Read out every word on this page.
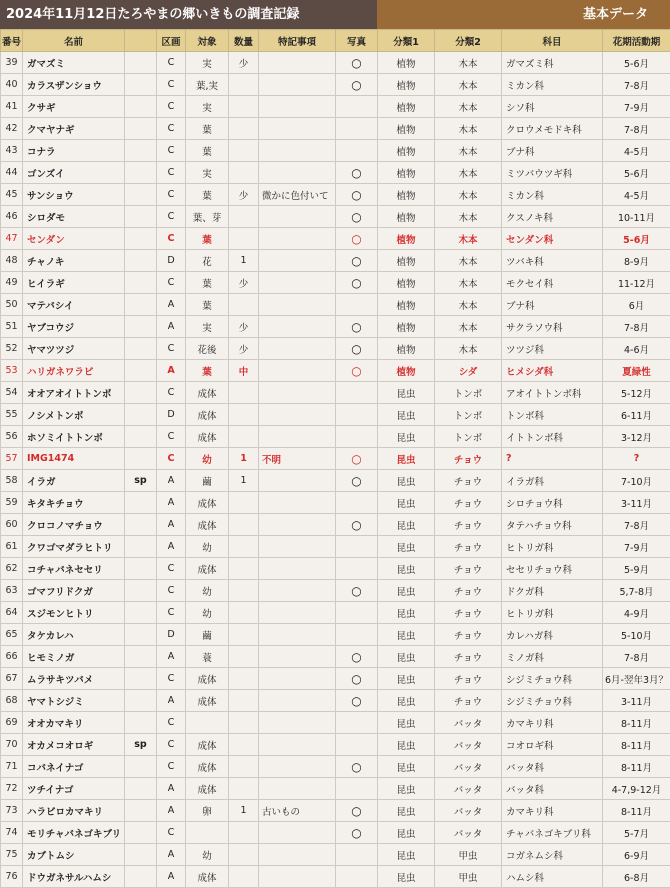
2024年11月12日たろやまの郷いきもの調査記録	基本データ
番号	名前		区画	対象	数量	特記事項	写真	分類1	分類2	科目	花期活動期
39	ガマズミ		C	実	少		○	植物	木本	ガマズミ科	5-6月
40	カラスザンショウ		C	葉,実			○	植物	木本	ミカン科	7-8月
41	クサギ		C	実				植物	木本	シソ科	7-9月
42	クマヤナギ		C	葉				植物	木本	クロウメモドキ科	7-8月
43	コナラ		C	葉				植物	木本	ブナ科	4-5月
44	ゴンズイ		C	実			○	植物	木本	ミツバウツギ科	5-6月
45	サンショウ		C	葉	少	微かに色付いて	○	植物	木本	ミカン科	4-5月
46	シロダモ		C	葉、芽			○	植物	木本	クスノキ科	10-11月
47	センダン		C	葉			○	植物	木本	センダン科	5-6月
48	チャノキ		D	花	1		○	植物	木本	ツバキ科	8-9月
49	ヒイラギ		C	葉	少		○	植物	木本	モクセイ科	11-12月
50	マテバシイ		A	葉				植物	木本	ブナ科	6月
51	ヤブコウジ		A	実	少		○	植物	木本	サクラソウ科	7-8月
52	ヤマツツジ		C	花後	少		○	植物	木本	ツツジ科	4-6月
53	ハリガネワラビ		A	葉	中		○	植物	シダ	ヒメシダ科	夏緑性
54	オオアオイトトンボ		C	成体				昆虫	トンボ	アオイトトンボ科	5-12月
55	ノシメトンボ		D	成体				昆虫	トンボ	トンボ科	6-11月
56	ホソミイトトンボ		C	成体				昆虫	トンボ	イトトンボ科	3-12月
57	IMG1474		C	幼	1	不明	○	昆虫	チョウ	?	?
58	イラガ	sp	A	繭	1		○	昆虫	チョウ	イラガ科	7-10月
59	キタキチョウ		A	成体				昆虫	チョウ	シロチョウ科	3-11月
60	クロコノマチョウ		A	成体			○	昆虫	チョウ	タテハチョウ科	7-8月
61	クワゴマダラヒトリ		A	幼				昆虫	チョウ	ヒトリガ科	7-9月
62	コチャバネセセリ		C	成体				昆虫	チョウ	セセリチョウ科	5-9月
63	ゴマフリドクガ		C	幼			○	昆虫	チョウ	ドクガ科	5,7-8月
64	スジモンヒトリ		C	幼				昆虫	チョウ	ヒトリガ科	4-9月
65	タケカレハ		D	繭				昆虫	チョウ	カレハガ科	5-10月
66	ヒモミノガ		A	蓑			○	昆虫	チョウ	ミノガ科	7-8月
67	ムラサキツバメ		C	成体			○	昆虫	チョウ	シジミチョウ科	6月-翌年3月？
68	ヤマトシジミ		A	成体			○	昆虫	チョウ	シジミチョウ科	3-11月
69	オオカマキリ		C					昆虫	バッタ	カマキリ科	8-11月
70	オカメコオロギ	sp	C	成体				昆虫	バッタ	コオロギ科	8-11月
71	コバネイナゴ		C	成体			○	昆虫	バッタ	バッタ科	8-11月
72	ツチイナゴ		A	成体				昆虫	バッタ	バッタ科	4-7,9-12月
73	ハラビロカマキリ		A	卵	1	古いもの	○	昆虫	バッタ	カマキリ科	8-11月
74	モリチャバネゴキブリ		C				○	昆虫	バッタ	チャバネゴキブリ科	5-7月
75	カブトムシ		A	幼				昆虫	甲虫	コガネムシ科	6-9月
76	ドウガネサルハムシ		A	成体				昆虫	甲虫	ハムシ科	6-8月
